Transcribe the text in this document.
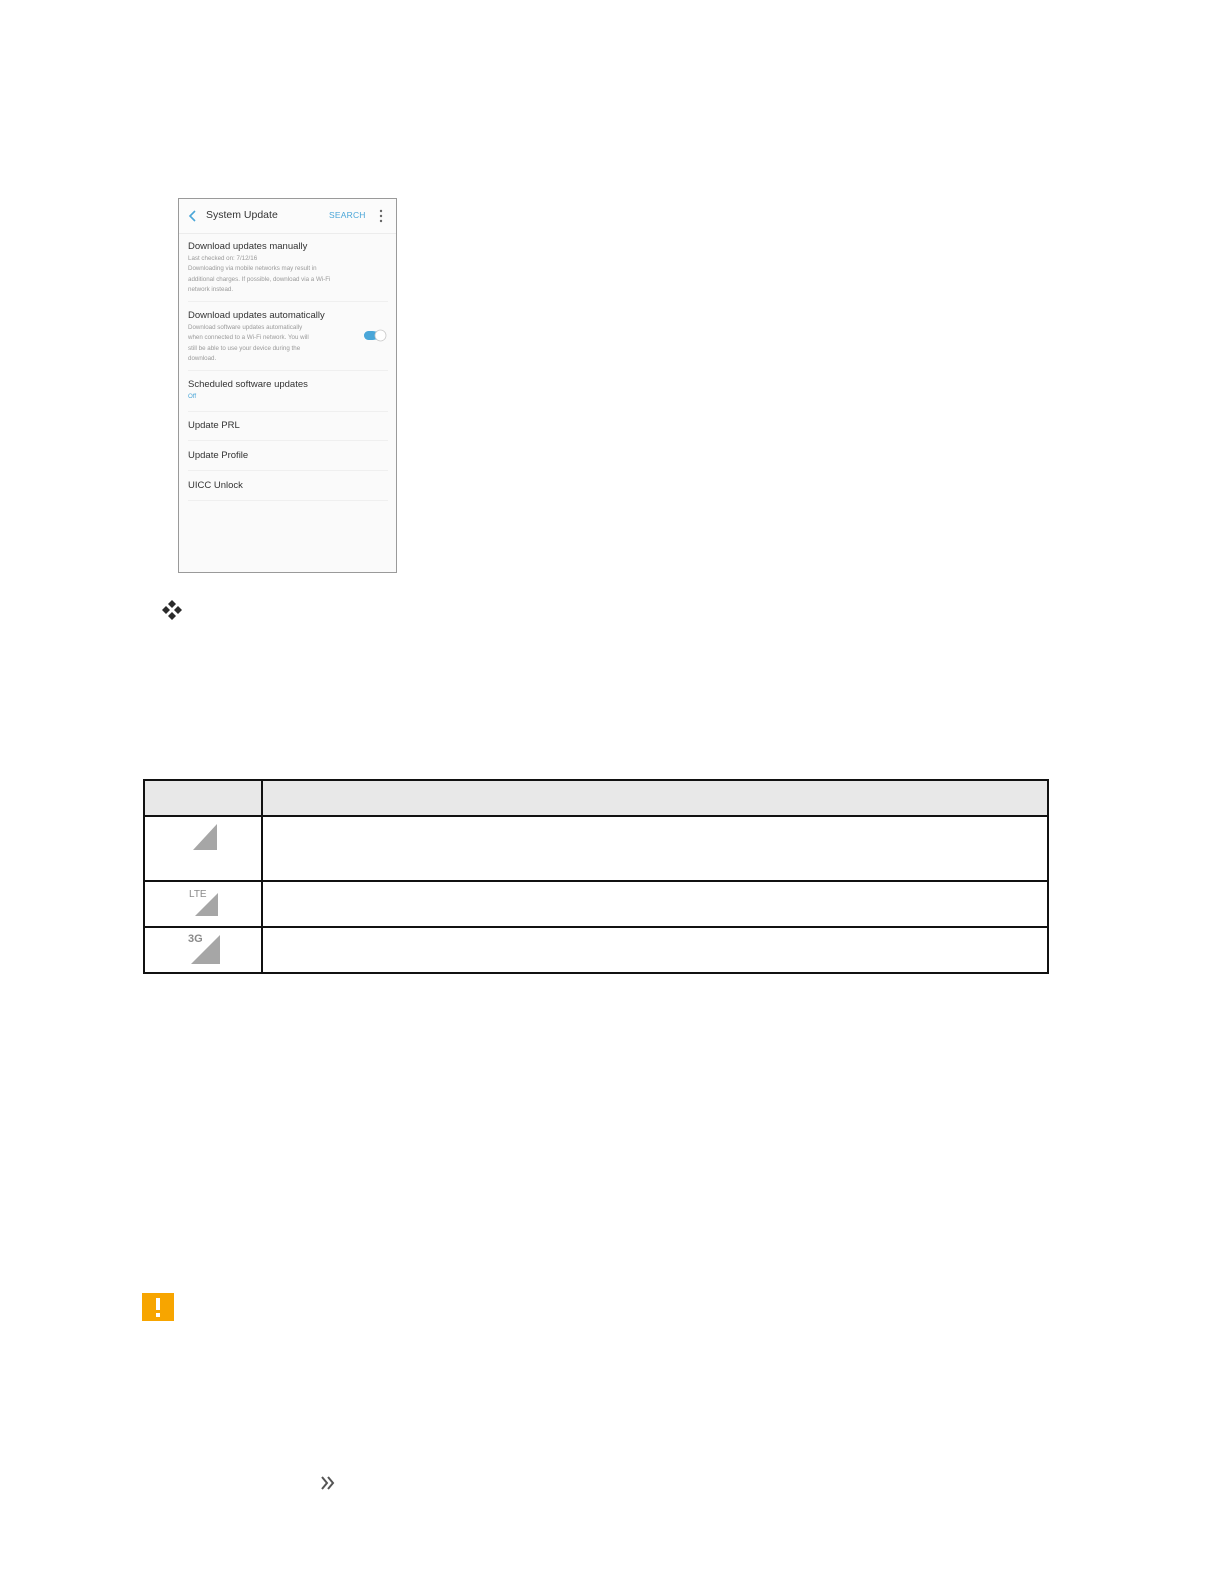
System Update	SEARCH
Download updates manually
Last checked on: 7/12/16
Downloading via mobile networks may result in
additional charges. If possible, download via a Wi-Fi
network instead.
Download updates automatically
Download software updates automatically
when connected to a Wi-Fi network. You will
still be able to use your device during the
download.
Scheduled software updates
Off
Update PRL
Update Profile
UICC Unlock

LTE	

3G	
